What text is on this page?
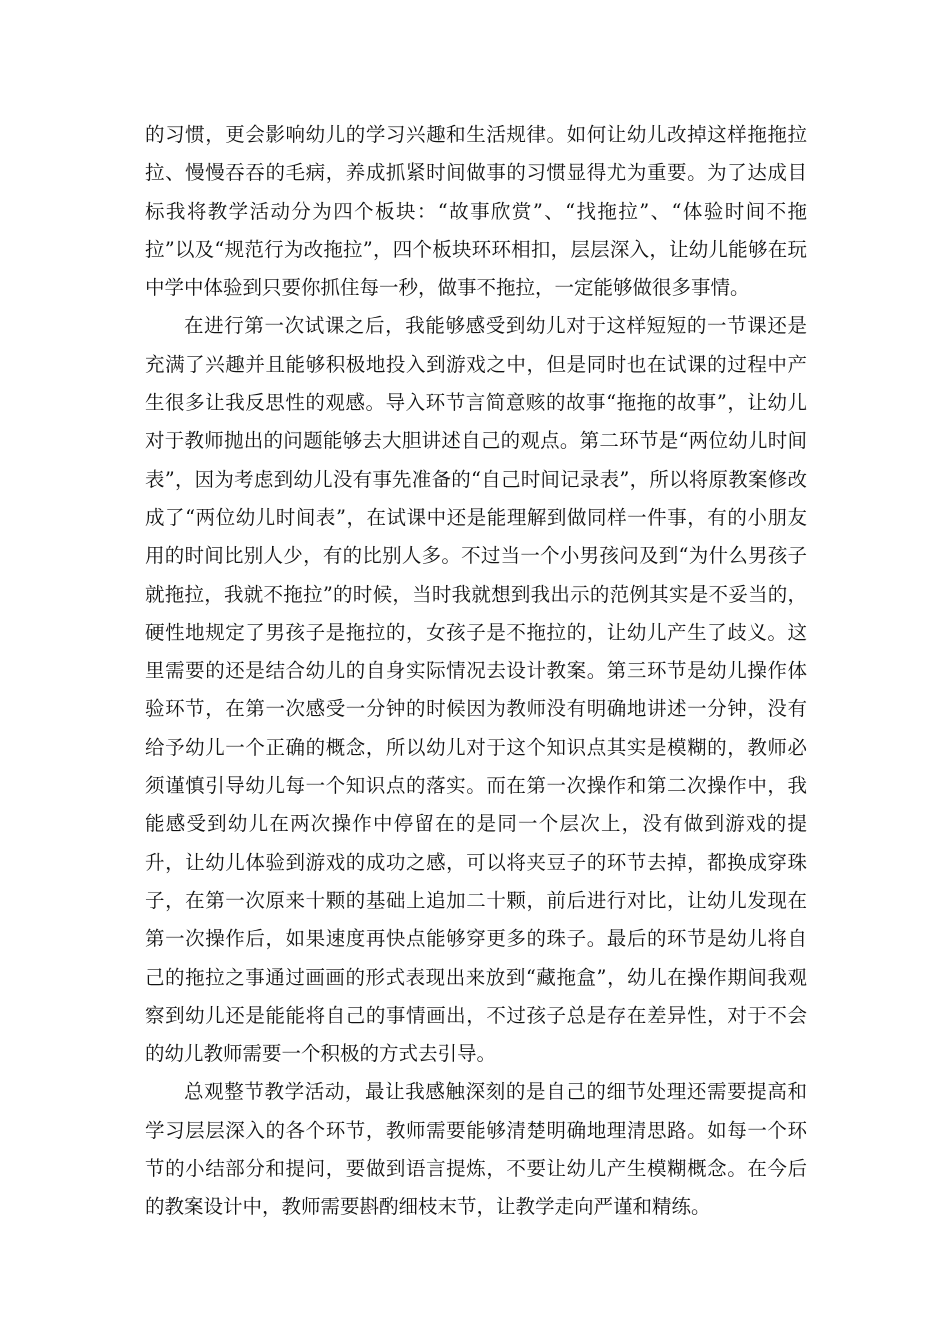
的习惯，更会影响幼儿的学习兴趣和生活规律。如何让幼儿改掉这样拖拖拉拉、慢慢吞吞的毛病，养成抓紧时间做事的习惯显得尤为重要。为了达成目标我将教学活动分为四个板块：“故事欣赏”、“找拖拉”、“体验时间不拖拉”以及“规范行为改拖拉”，四个板块环环相扣，层层深入，让幼儿能够在玩中学中体验到只要你抓住每一秒，做事不拖拉，一定能够做很多事情。

在进行第一次试课之后，我能够感受到幼儿对于这样短短的一节课还是充满了兴趣并且能够积极地投入到游戏之中，但是同时也在试课的过程中产生很多让我反思性的观感。导入环节言简意赅的故事“拖拖的故事”，让幼儿对于教师抛出的问题能够去大胆讲述自己的观点。第二环节是“两位幼儿时间表”，因为考虑到幼儿没有事先准备的“自己时间记录表”，所以将原教案修改成了“两位幼儿时间表”，在试课中还是能理解到做同样一件事，有的小朋友用的时间比别人少，有的比别人多。不过当一个小男孩问及到“为什么男孩子就拖拉，我就不拖拉”的时候，当时我就想到我出示的范例其实是不妥当的，硬性地规定了男孩子是拖拉的，女孩子是不拖拉的，让幼儿产生了歧义。这里需要的还是结合幼儿的自身实际情况去设计教案。第三环节是幼儿操作体验环节，在第一次感受一分钟的时候因为教师没有明确地讲述一分钟，没有给予幼儿一个正确的概念，所以幼儿对于这个知识点其实是模糊的，教师必须谨慎引导幼儿每一个知识点的落实。而在第一次操作和第二次操作中，我能感受到幼儿在两次操作中停留在的是同一个层次上，没有做到游戏的提升，让幼儿体验到游戏的成功之感，可以将夹豆子的环节去掉，都换成穿珠子，在第一次原来十颗的基础上追加二十颗，前后进行对比，让幼儿发现在第一次操作后，如果速度再快点能够穿更多的珠子。最后的环节是幼儿将自己的拖拉之事通过画画的形式表现出来放到“藏拖盒”，幼儿在操作期间我观察到幼儿还是能能将自己的事情画出，不过孩子总是存在差异性，对于不会的幼儿教师需要一个积极的方式去引导。

总观整节教学活动，最让我感触深刻的是自己的细节处理还需要提高和学习层层深入的各个环节，教师需要能够清楚明确地理清思路。如每一个环节的小结部分和提问，要做到语言提炼，不要让幼儿产生模糊概念。在今后的教案设计中，教师需要斟酌细枝末节，让教学走向严谨和精练。
